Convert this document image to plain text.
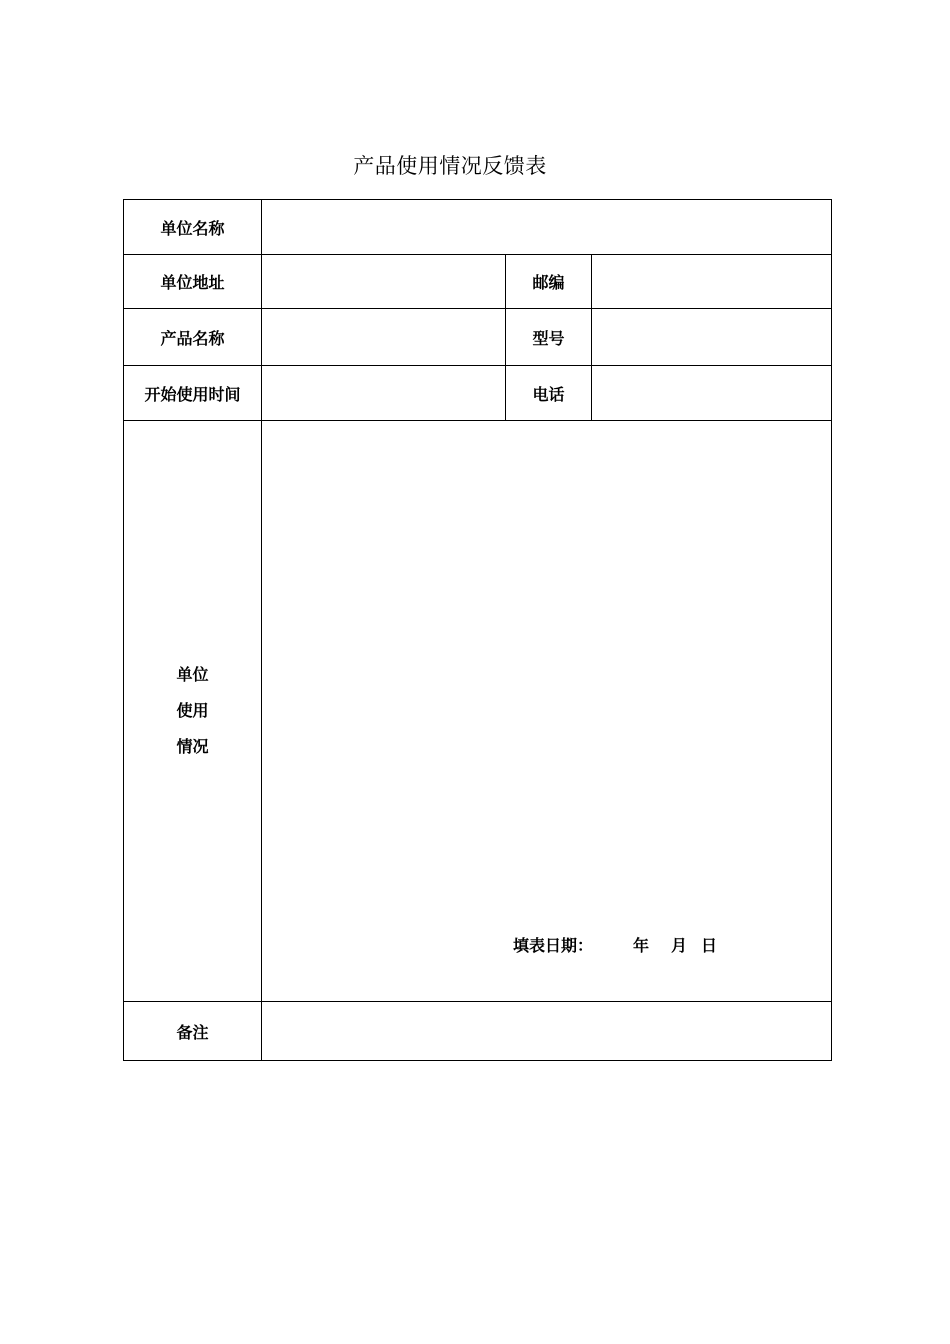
产品使用情况反馈表
单位名称			
单位地址		邮编	
产品名称		型号	
开始使用时间		电话	

单位
使用
情况	填表日期： 年 月 日		

备注			
